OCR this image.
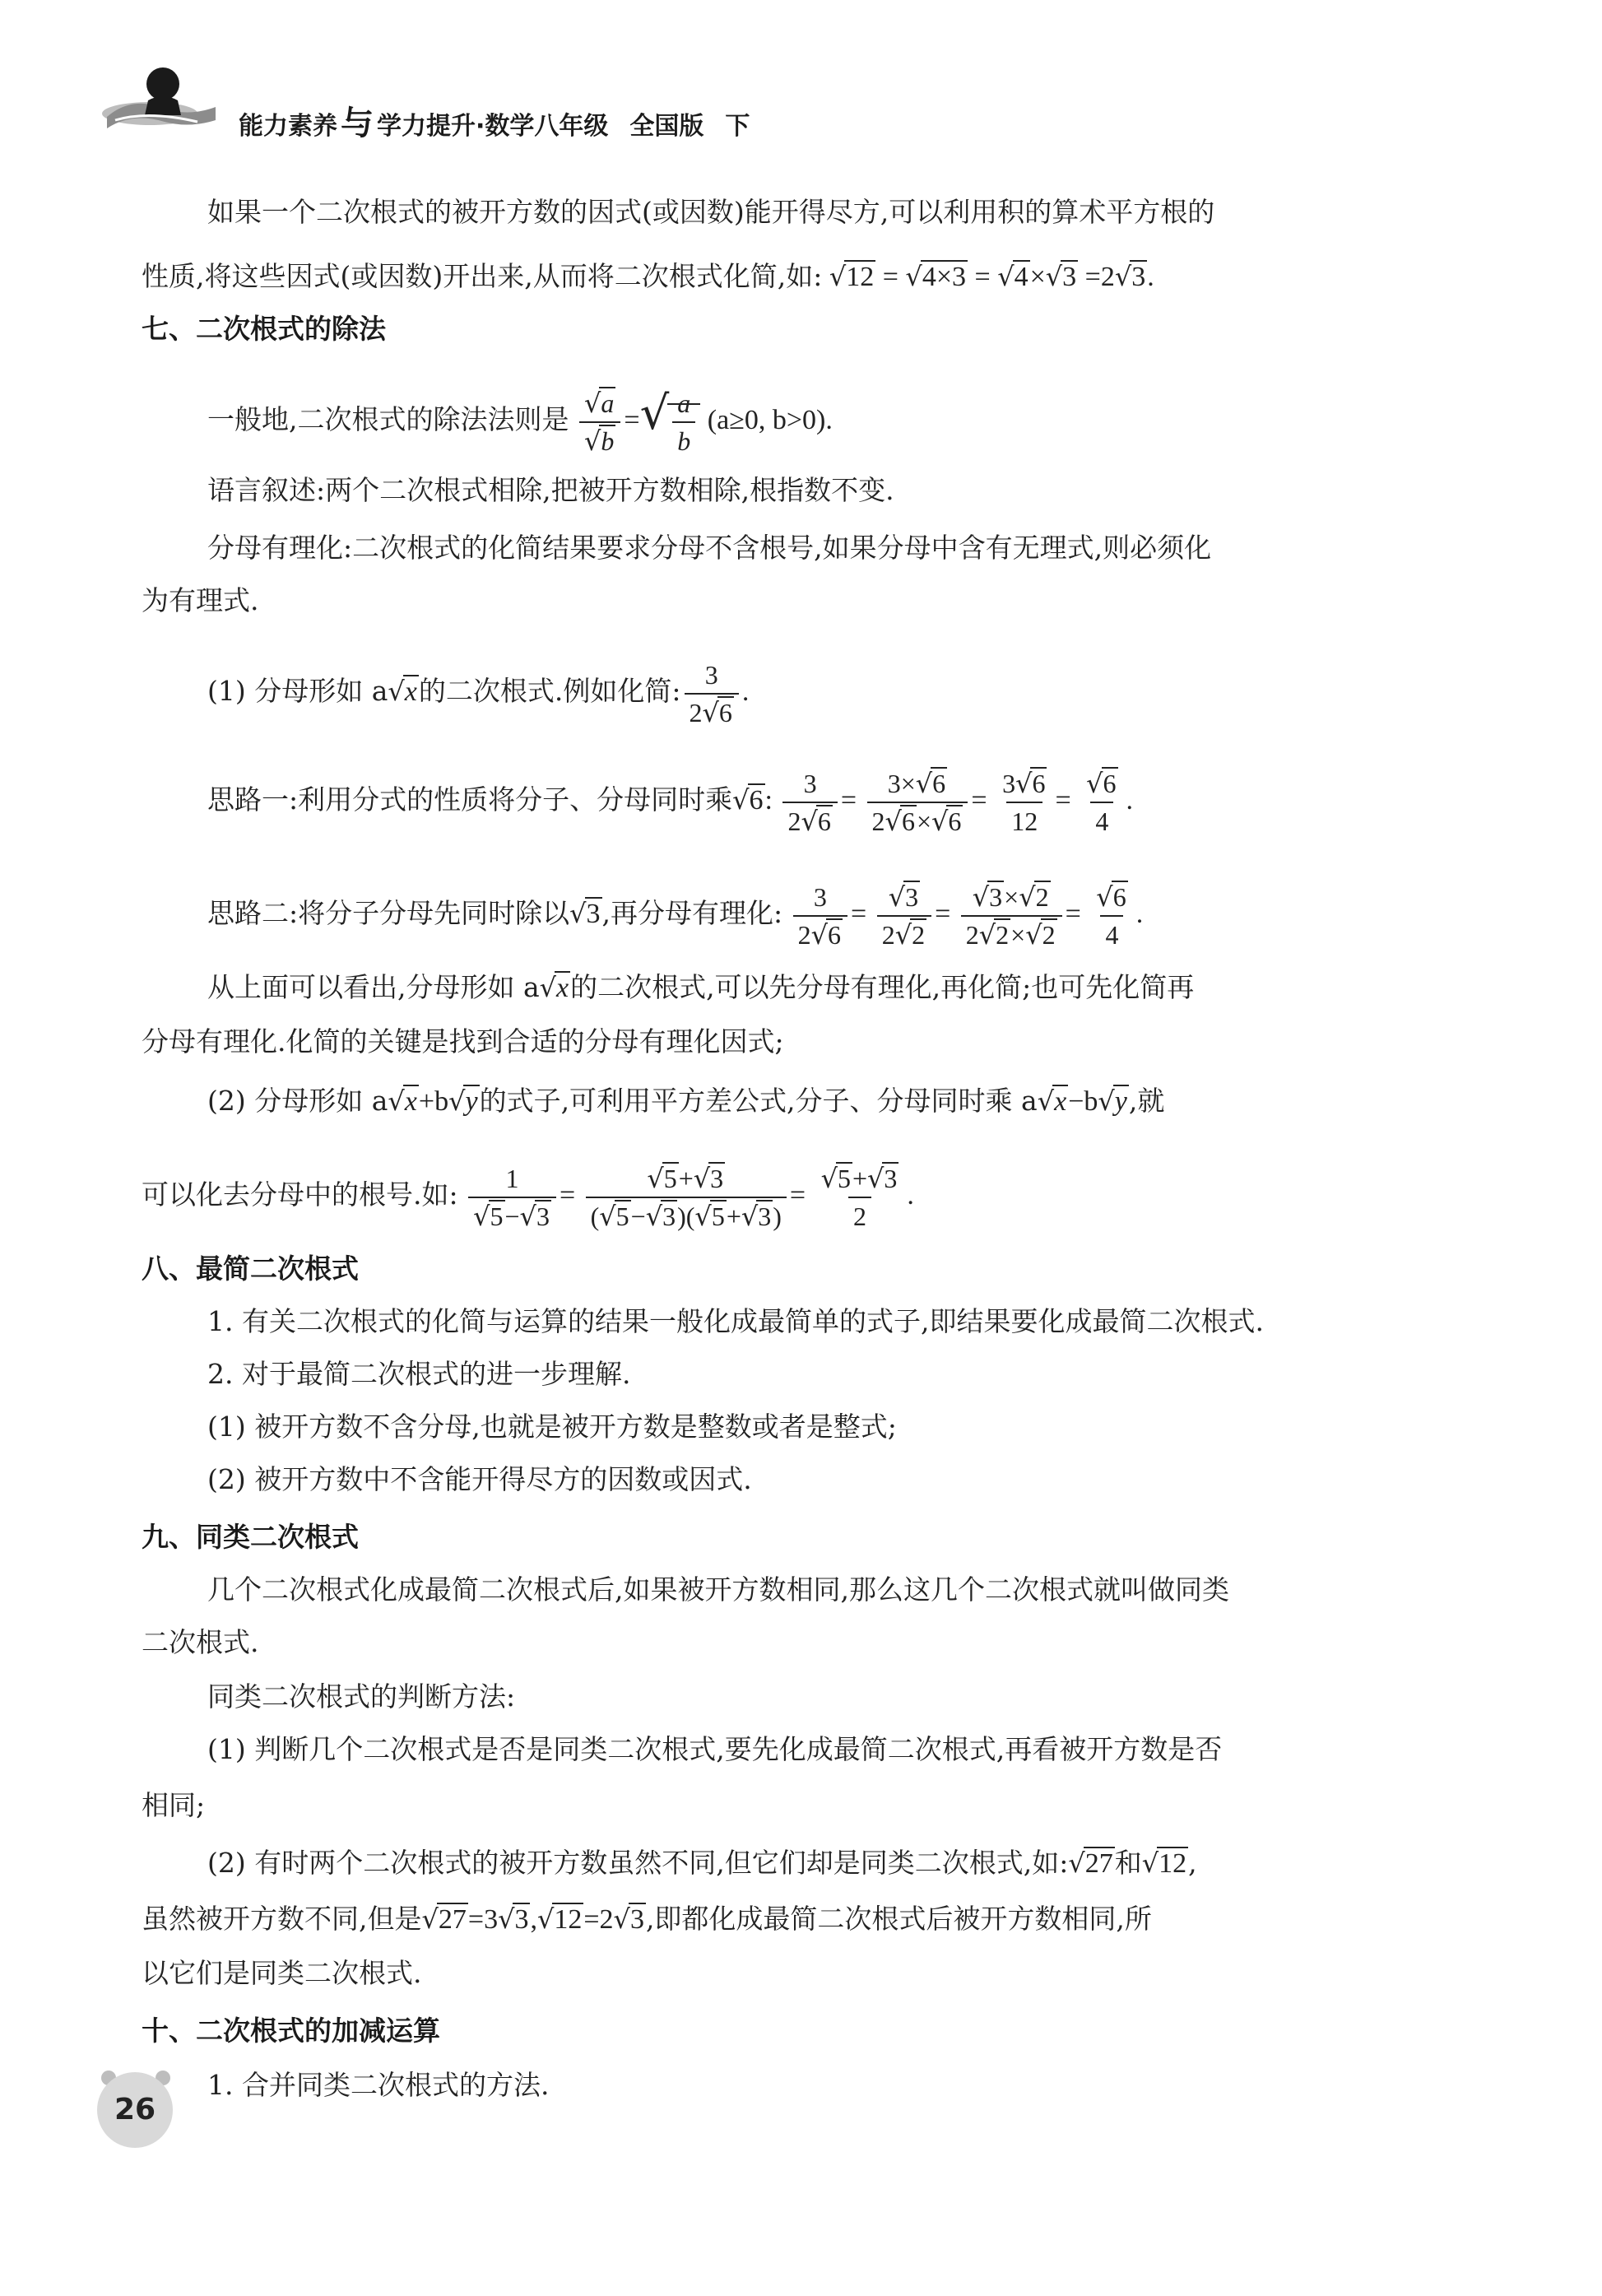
能力素养 与 学力提升·数学八年级 全国版 下
如果一个二次根式的被开方数的因式(或因数)能开得尽方,可以利用积的算术平方根的
性质,将这些因式(或因数)开出来,从而将二次根式化简,如: √12 = √4×3 = √4×√3 =2√3.
七、二次根式的除法
一般地,二次根式的除法法则是 $\frac{√a}{√b}$ =√ $\frac{a}{b} (a\ge 0$, b>0).
语言叙述:两个二次根式相除,把被开方数相除,根指数不变.
分母有理化:二次根式的化简结果要求分母不含根号,如果分母中含有无理式,则必须化
为有理式.
(1) 分母形如 a√x的二次根式.例如化简: $\frac{3}{2√6}$ .
思路一:利用分式的性质将分子、分母同时乘√6: $\frac{3}{2√6} = \frac{3\times√6}{2√6\times√6} = \frac{3√6}{12} = \frac{√6}{4}$ .
思路二:将分子分母先同时除以√3,再分母有理化: $\frac{3}{2√6} = \frac{√3}{2√2} = \frac{√3\times√2}{2√2\times√2} = \frac{√6}{4}$ .
从上面可以看出,分母形如 a√x的二次根式,可以先分母有理化,再化简;也可先化简再
分母有理化.化简的关键是找到合适的分母有理化因式;
(2) 分母形如 a√x+b√y的式子,可利用平方差公式,分子、分母同时乘 a√x−b√y,就
可以化去分母中的根号.如: $\frac{1}{√5-√3} = \frac{√5+√3}{(√5-√3)(√5+√3)} = \frac{√5+√3}{2}$ .
八、最简二次根式
1. 有关二次根式的化简与运算的结果一般化成最简单的式子,即结果要化成最简二次根式.
2. 对于最简二次根式的进一步理解.
(1) 被开方数不含分母,也就是被开方数是整数或者是整式;
(2) 被开方数中不含能开得尽方的因数或因式.
九、同类二次根式
几个二次根式化成最简二次根式后,如果被开方数相同,那么这几个二次根式就叫做同类
二次根式.
同类二次根式的判断方法:
(1) 判断几个二次根式是否是同类二次根式,要先化成最简二次根式,再看被开方数是否
相同;
(2) 有时两个二次根式的被开方数虽然不同,但它们却是同类二次根式,如:√27和√12,
虽然被开方数不同,但是√27=3√3,√12=2√3,即都化成最简二次根式后被开方数相同,所
以它们是同类二次根式.
十、二次根式的加减运算
1. 合并同类二次根式的方法.
26
